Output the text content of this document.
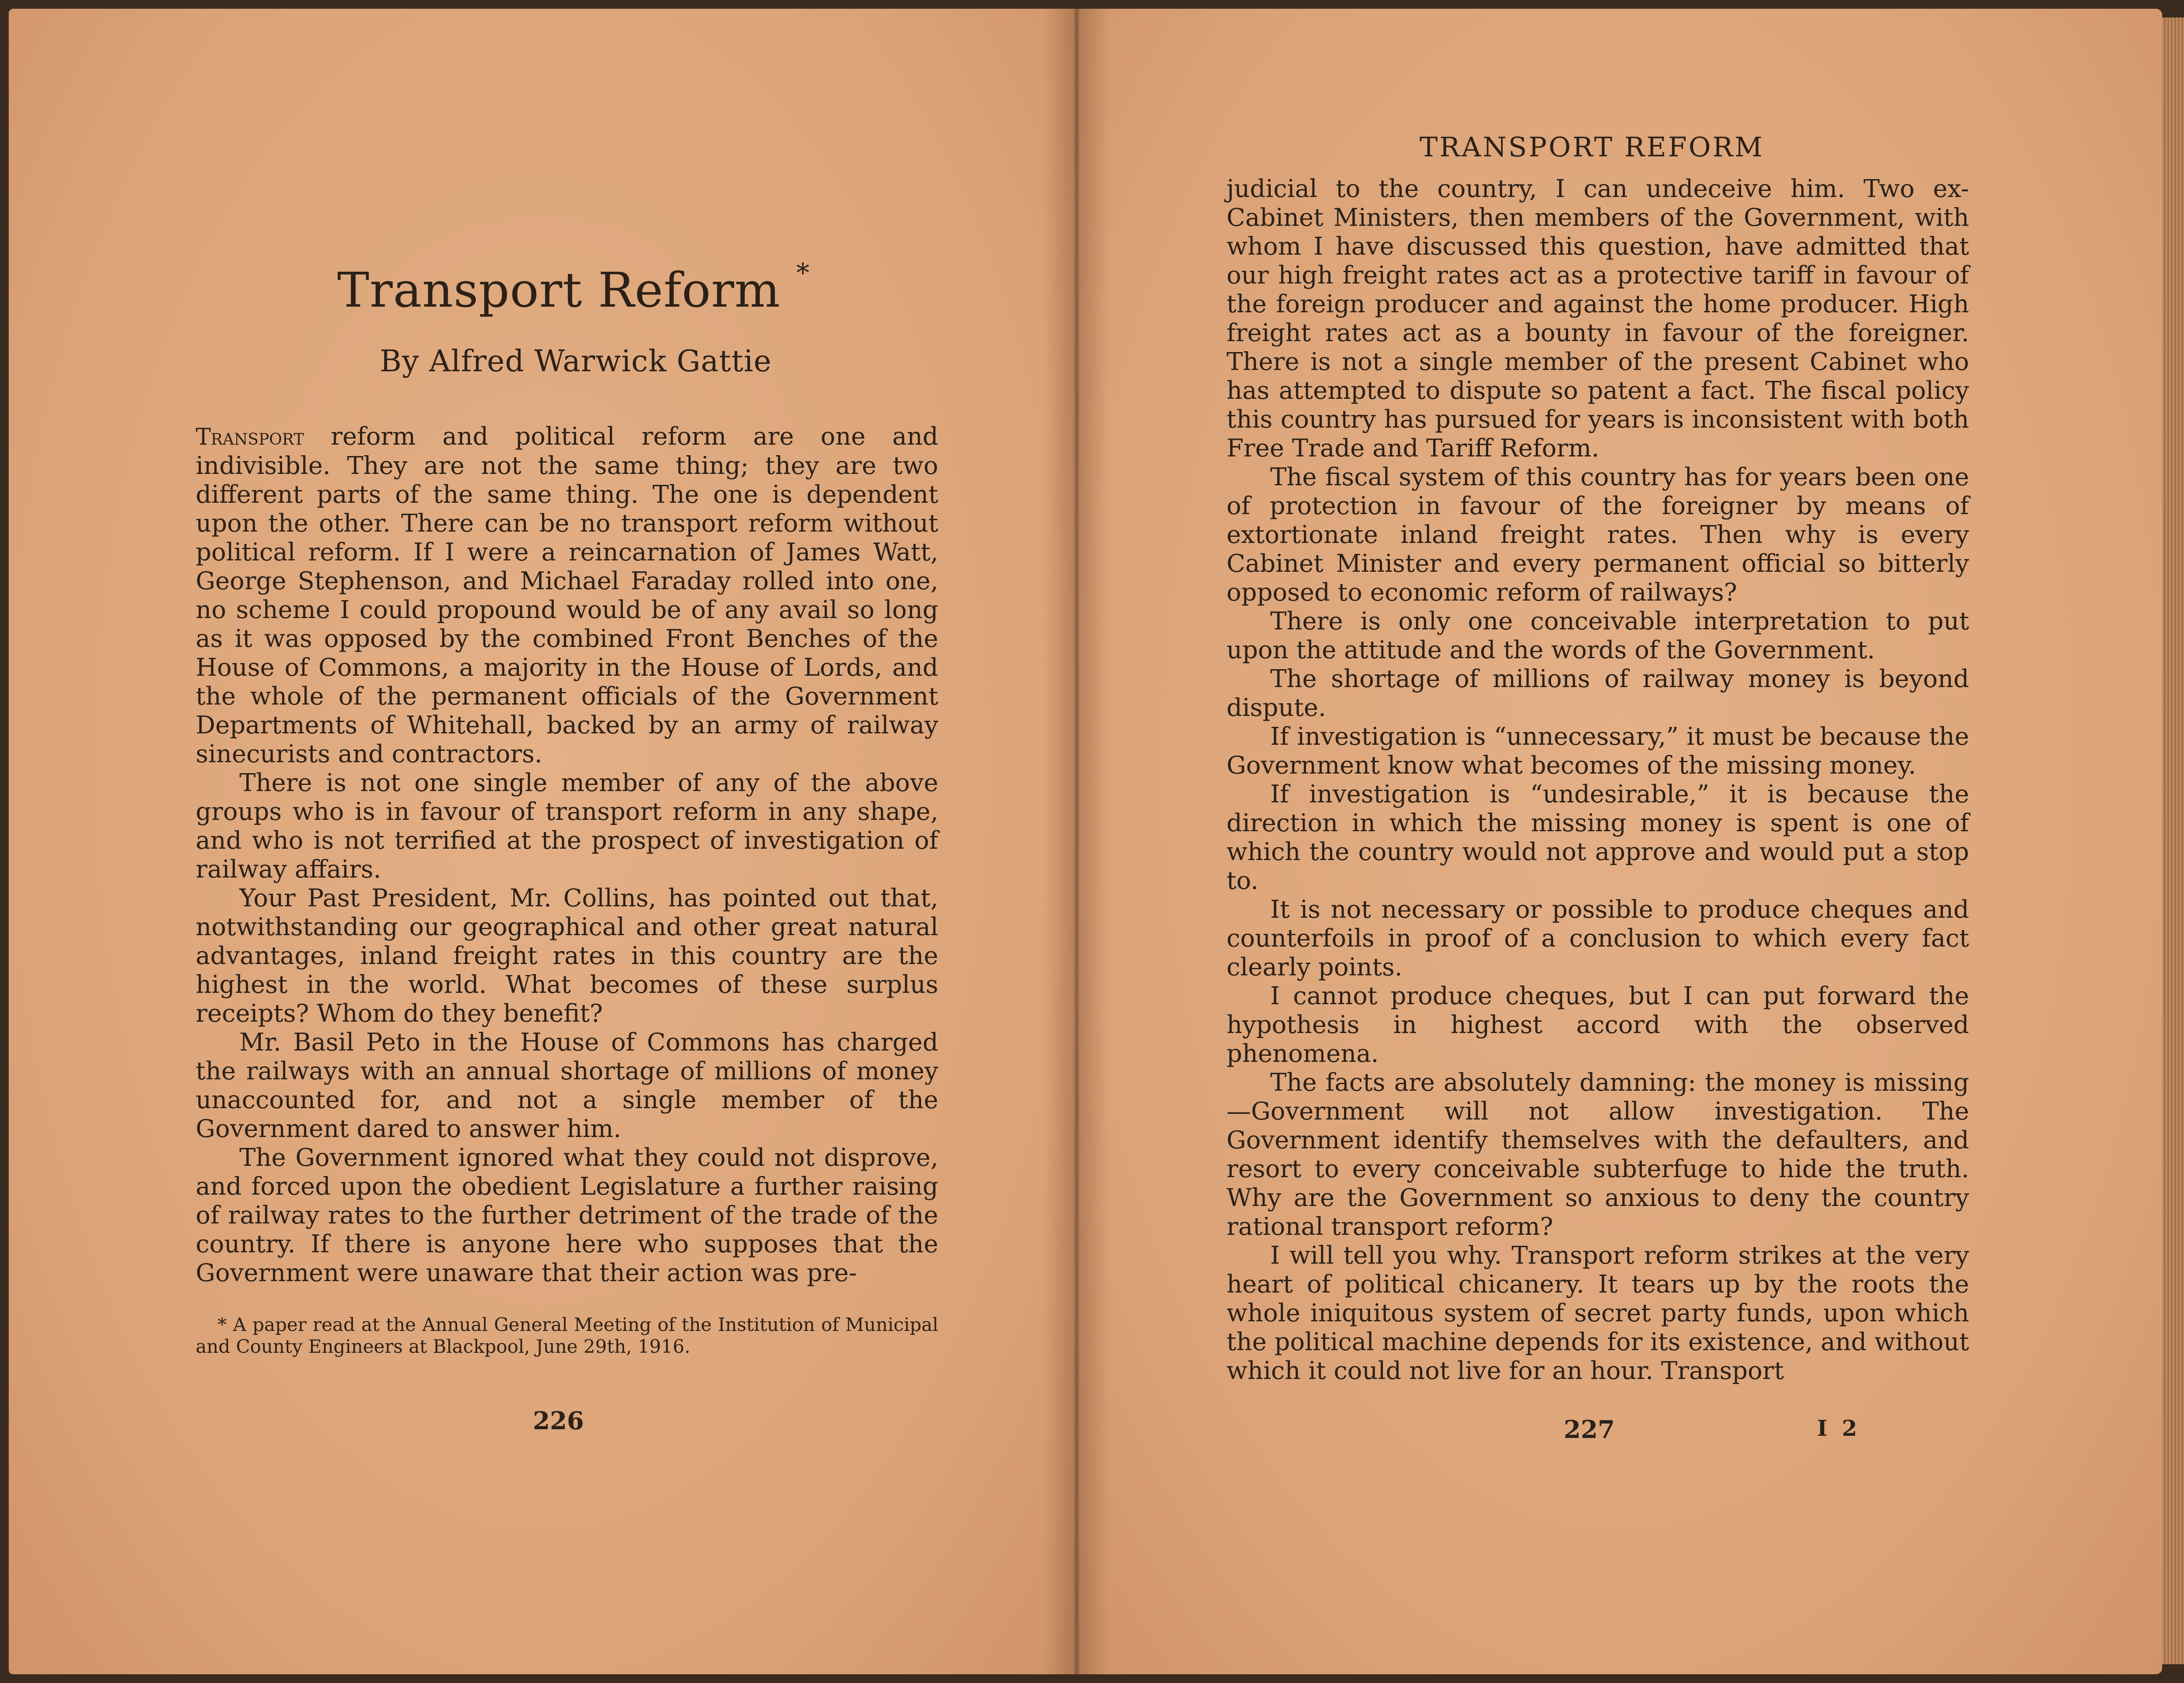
Transport Reform *
By Alfred Warwick Gattie

Transport reform and political reform are one and indivisible. They are not the same thing; they are two different parts of the same thing. The one is dependent upon the other. There can be no transport reform without political reform. If I were a reincarnation of James Watt, George Stephenson, and Michael Faraday rolled into one, no scheme I could propound would be of any avail so long as it was opposed by the combined Front Benches of the House of Commons, a majority in the House of Lords, and the whole of the permanent officials of the Government Departments of Whitehall, backed by an army of railway sinecurists and contractors.

There is not one single member of any of the above groups who is in favour of transport reform in any shape, and who is not terrified at the prospect of investigation of railway affairs.

Your Past President, Mr. Collins, has pointed out that, notwithstanding our geographical and other great natural advantages, inland freight rates in this country are the highest in the world. What becomes of these surplus receipts? Whom do they benefit?

Mr. Basil Peto in the House of Commons has charged the railways with an annual shortage of millions of money unaccounted for, and not a single member of the Government dared to answer him.

The Government ignored what they could not disprove, and forced upon the obedient Legislature a further raising of railway rates to the further detriment of the trade of the country. If there is anyone here who supposes that the Government were unaware that their action was pre-

* A paper read at the Annual General Meeting of the Institution of Municipal and County Engineers at Blackpool, June 29th, 1916.
226
TRANSPORT REFORM

judicial to the country, I can undeceive him. Two ex-Cabinet Ministers, then members of the Government, with whom I have discussed this question, have admitted that our high freight rates act as a protective tariff in favour of the foreign producer and against the home producer. High freight rates act as a bounty in favour of the foreigner. There is not a single member of the present Cabinet who has attempted to dispute so patent a fact. The fiscal policy this country has pursued for years is inconsistent with both Free Trade and Tariff Reform.

The fiscal system of this country has for years been one of protection in favour of the foreigner by means of extortionate inland freight rates. Then why is every Cabinet Minister and every permanent official so bitterly opposed to economic reform of railways?

There is only one conceivable interpretation to put upon the attitude and the words of the Government.

The shortage of millions of railway money is beyond dispute.

If investigation is “unnecessary,” it must be because the Government know what becomes of the missing money.

If investigation is “undesirable,” it is because the direction in which the missing money is spent is one of which the country would not approve and would put a stop to.

It is not necessary or possible to produce cheques and counterfoils in proof of a conclusion to which every fact clearly points.

I cannot produce cheques, but I can put forward the hypothesis in highest accord with the observed phenomena.

The facts are absolutely damning: the money is missing—Government will not allow investigation. The Government identify themselves with the defaulters, and resort to every conceivable subterfuge to hide the truth. Why are the Government so anxious to deny the country rational transport reform?

I will tell you why. Transport reform strikes at the very heart of political chicanery. It tears up by the roots the whole iniquitous system of secret party funds, upon which the political machine depends for its existence, and without which it could not live for an hour. Transport

227	I 2
